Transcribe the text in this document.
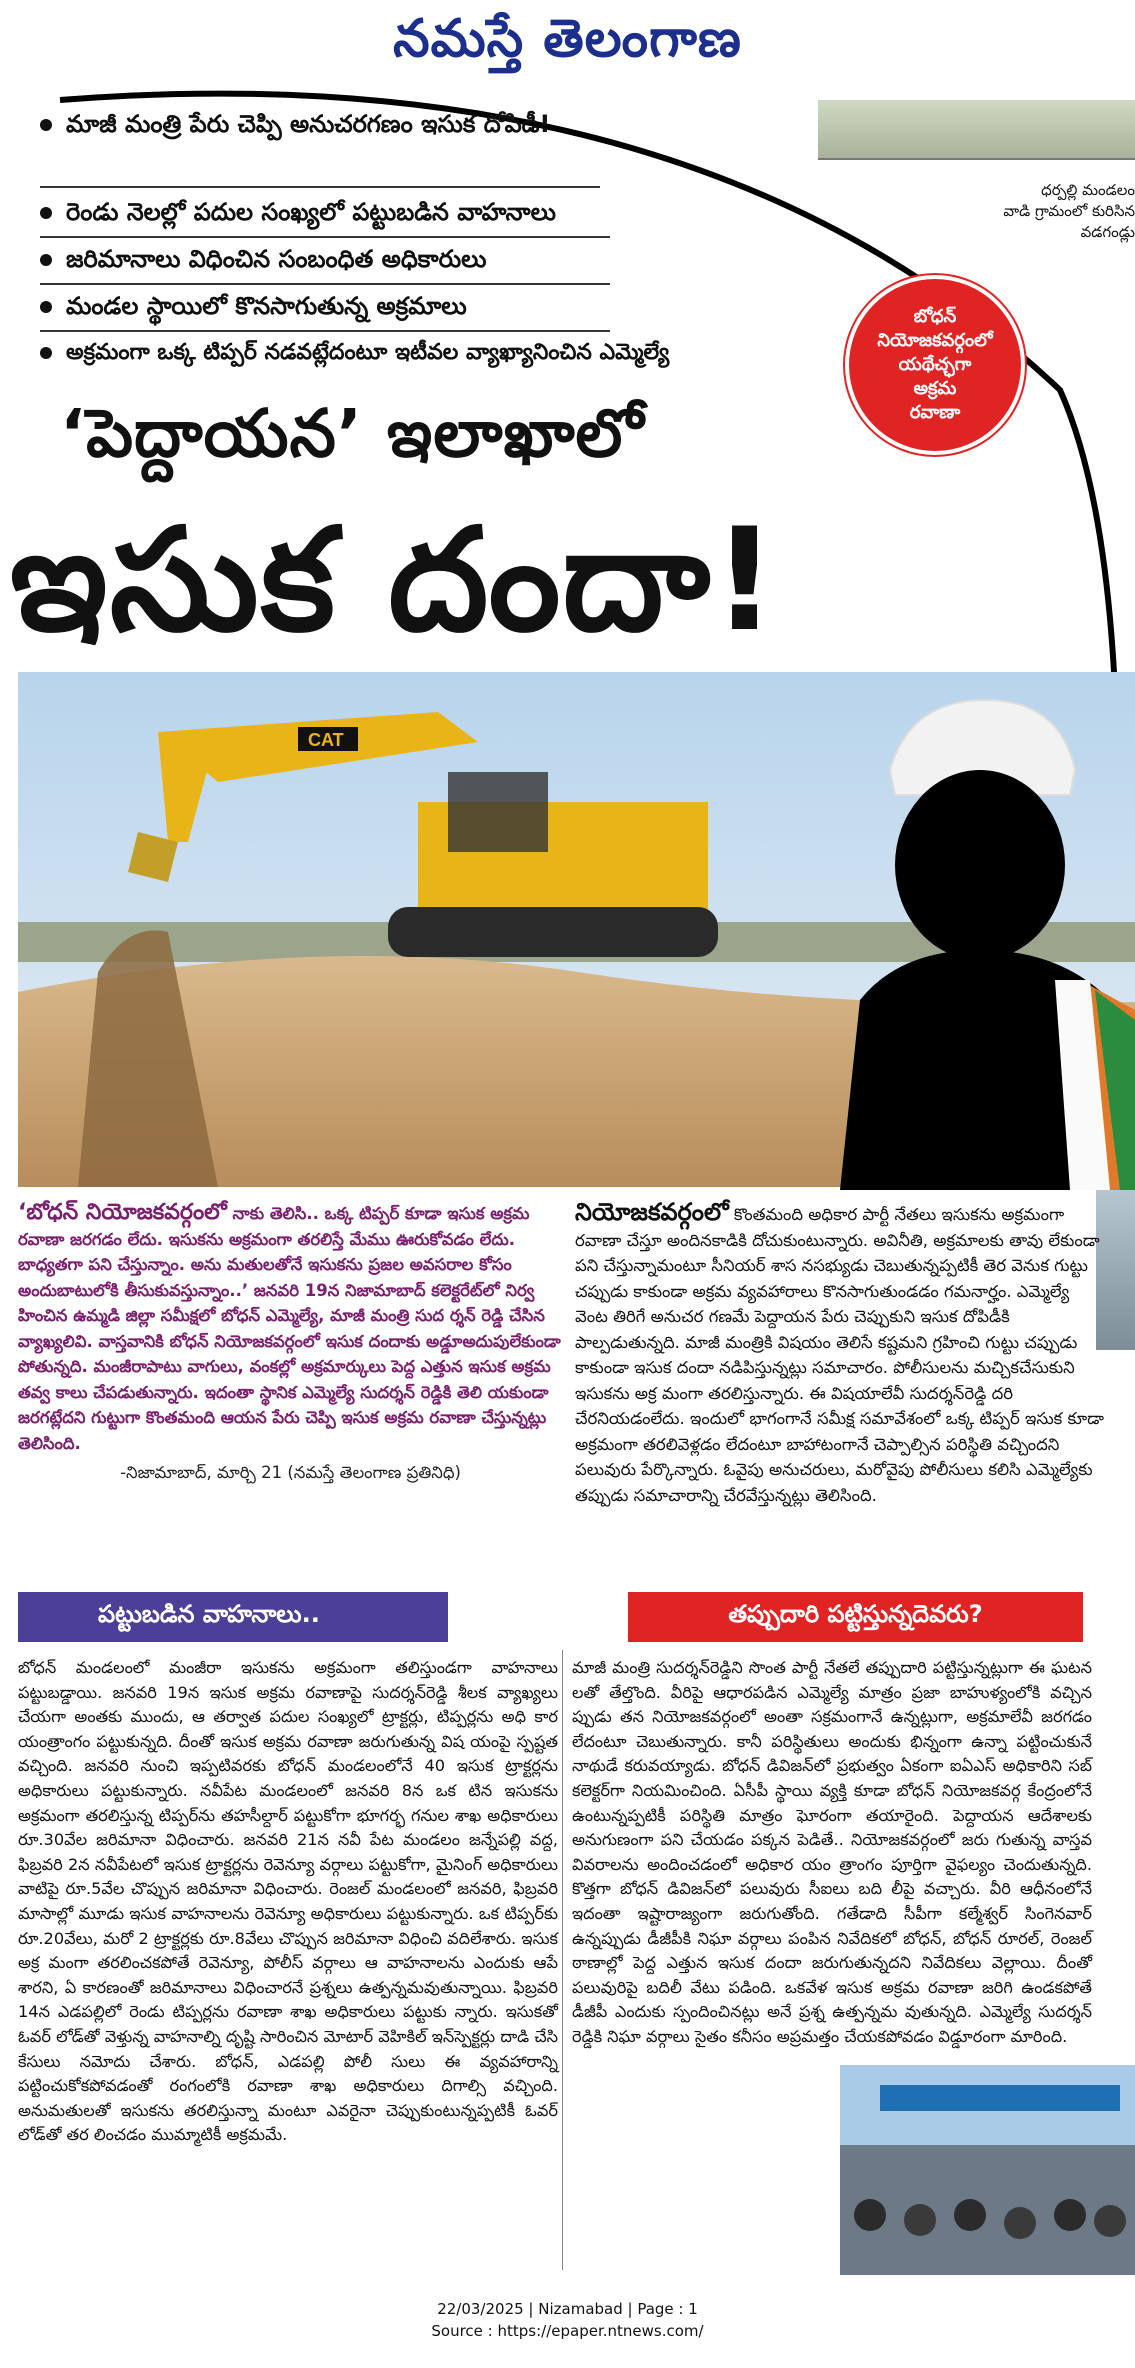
నమస్తే తెలంగాణ
మాజీ మంత్రి పేరు చెప్పి అనుచరగణం ఇసుక దోపిడీ!
రెండు నెలల్లో పదుల సంఖ్యలో పట్టుబడిన వాహనాలు
జరిమానాలు విధించిన సంబంధిత అధికారులు
మండల స్థాయిలో కొనసాగుతున్న అక్రమాలు
అక్రమంగా ఒక్క టిప్పర్ నడవట్లేదంటూ ఇటీవల వ్యాఖ్యానించిన ఎమ్మెల్యే
ధర్పల్లి మండలం
వాడి గ్రామంలో కురిసిన
వడగండ్లు
బోధన్
నియోజకవర్గంలో
యథేచ్ఛగా
అక్రమ
రవాణా
‘పెద్దాయన’ ఇలాఖాలో
ఇసుక దందా!
CAT
‘బోధన్ నియోజకవర్గంలో నాకు తెలిసి.. ఒక్క టిప్పర్ కూడా ఇసుక అక్రమ రవాణా జరగడం లేదు. ఇసుకను అక్రమంగా తరలిస్తే మేము ఊరుకోవడం లేదు. బాధ్యతగా పని చేస్తున్నాం. అను మతులతోనే ఇసుకను ప్రజల అవసరాల కోసం అందుబాటులోకి తీసుకువస్తున్నాం..’ జనవరి 19న నిజామాబాద్ కలెక్టరేట్‌లో నిర్వ హించిన ఉమ్మడి జిల్లా సమీక్షలో బోధన్ ఎమ్మెల్యే, మాజీ మంత్రి సుద ర్శన్ రెడ్డి చేసిన వ్యాఖ్యలివి. వాస్తవానికి బోధన్ నియోజకవర్గంలో ఇసుక దందాకు అడ్డూఅదుపులేకుండా పోతున్నది. మంజీరాపాటు వాగులు, వంకల్లో అక్రమార్కులు పెద్ద ఎత్తున ఇసుక అక్రమ తవ్వ కాలు చేపడుతున్నారు. ఇదంతా స్థానిక ఎమ్మెల్యే సుదర్శన్ రెడ్డికి తెలి యకుండా జరగట్లేదని గుట్టుగా కొంతమంది ఆయన పేరు చెప్పి ఇసుక అక్రమ రవాణా చేస్తున్నట్లు తెలిసింది.
-నిజామాబాద్, మార్చి 21 (నమస్తే తెలంగాణ ప్రతినిధి)
నియోజకవర్గంలో కొంతమంది అధికార పార్టీ నేతలు ఇసుకను అక్రమంగా రవాణా చేస్తూ అందినకాడికి దోచుకుంటున్నారు. అవినీతి, అక్రమాలకు తావు లేకుండా పని చేస్తున్నామంటూ సీనియర్ శాస నసభ్యుడు చెబుతున్నప్పటికీ తెర వెనుక గుట్టు చప్పుడు కాకుండా అక్రమ వ్యవహారాలు కొనసాగుతుండడం గమనార్హం. ఎమ్మెల్యే వెంట తిరిగే అనుచర గణమే పెద్దాయన పేరు చెప్పుకుని ఇసుక దోపిడీకి పాల్పడుతున్నది. మాజీ మంత్రికి విషయం తెలిసే కష్టమని గ్రహించి గుట్టు చప్పుడు కాకుండా ఇసుక దందా నడిపిస్తున్నట్లు సమాచారం. పోలీసులను మచ్చికచేసుకుని ఇసుకను అక్ర మంగా తరలిస్తున్నారు. ఈ విషయాలేవీ సుదర్శన్‌రెడ్డి దరి చేరనియడంలేదు. ఇందులో భాగంగానే సమీక్ష సమావేశంలో ఒక్క టిప్పర్ ఇసుక కూడా అక్రమంగా తరలివెళ్లడం లేదంటూ బాహాటంగానే చెప్పాల్సిన పరిస్థితి వచ్చిందని పలువురు పేర్కొన్నారు. ఓవైపు అనుచరులు, మరోవైపు పోలీసులు కలిసి ఎమ్మెల్యేకు తప్పుడు సమాచారాన్ని చేరవేస్తున్నట్లు తెలిసింది.
పట్టుబడిన వాహనాలు..	తప్పుదారి పట్టిస్తున్నదెవరు?
బోధన్ మండలంలో మంజీరా ఇసుకను అక్రమంగా తలిస్తుండగా వాహనాలు పట్టుబడ్డాయి. జనవరి 19న ఇసుక అక్రమ రవాణాపై సుదర్శన్‌రెడ్డి శీలక వ్యాఖ్యలు చేయగా అంతకు ముందు, ఆ తర్వాత పదుల సంఖ్యలో ట్రాక్టర్లు, టిప్పర్లను అధి కార యంత్రాంగం పట్టుకున్నది. దీంతో ఇసుక అక్రమ రవాణా జరుగుతున్న విష యంపై స్పష్టత వచ్చింది. జనవరి నుంచి ఇప్పటివరకు బోధన్ మండలంలోనే 40 ఇసుక ట్రాక్టర్లను అధికారులు పట్టుకున్నారు. నవీపేట మండలంలో జనవరి 8న ఒక టిన ఇసుకను అక్రమంగా తరలిస్తున్న టిప్పర్‌ను తహసీల్దార్ పట్టుకోగా భూగర్భ గనుల శాఖ అధికారులు రూ.30వేల జరిమానా విధించారు. జనవరి 21న నవీ పేట మండలం జన్నేపల్లి వద్ద, ఫిబ్రవరి 2న నవీపేటలో ఇసుక ట్రాక్టర్లను రెవెన్యూ వర్గాలు పట్టుకోగా, మైనింగ్ అధికారులు వాటిపై రూ.5వేల చొప్పున జరిమానా విధించారు. రెంజల్ మండలంలో జనవరి, ఫిబ్రవరి మాసాల్లో మూడు ఇసుక వాహనాలను రెవెన్యూ అధికారులు పట్టుకున్నారు. ఒక టిప్పర్‌కు రూ.20వేలు, మరో 2 ట్రాక్టర్లకు రూ.8వేలు చొప్పున జరిమానా విధించి వదిలేశారు. ఇసుక అక్ర మంగా తరలించకపోతే రెవెన్యూ, పోలీస్ వర్గాలు ఆ వాహనాలను ఎందుకు ఆపే శారని, ఏ కారణంతో జరిమానాలు విధించారనే ప్రశ్నలు ఉత్పన్నమవుతున్నాయి. ఫిబ్రవరి 14న ఎడపల్లిలో రెండు టిప్పర్లను రవాణా శాఖ అధికారులు పట్టుకు న్నారు. ఇసుకతో ఓవర్ లోడ్‌తో వెళ్తున్న వాహనాల్ని దృష్టి సారించిన మోటార్ వెహికిల్ ఇన్‌స్పెక్టర్లు దాడి చేసి కేసులు నమోదు చేశారు. బోధన్, ఎడపల్లి పోలీ సులు ఈ వ్యవహారాన్ని పట్టించుకోకపోవడంతో రంగంలోకి రవాణా శాఖ అధికారులు దిగాల్సి వచ్చింది. అనుమతులతో ఇసుకను తరలిస్తున్నా మంటూ ఎవరైనా చెప్పుకుంటున్నప్పటికీ ఓవర్ లోడ్‌తో తర లించడం ముమ్మాటికీ అక్రమమే.
మాజీ మంత్రి సుదర్శన్‌రెడ్డిని సొంత పార్టీ నేతలే తప్పుదారి పట్టిస్తున్నట్లుగా ఈ ఘటన లతో తేల్తొంది. వీరిపై ఆధారపడిన ఎమ్మెల్యే మాత్రం ప్రజా బాహుళ్యంలోకి వచ్చిన ప్పుడు తన నియోజకవర్గంలో అంతా సక్రమంగానే ఉన్నట్లుగా, అక్రమాలేవీ జరగడం లేదంటూ చెబుతున్నారు. కానీ పరిస్థితులు అందుకు భిన్నంగా ఉన్నా పట్టించుకునే నాథుడే కరువయ్యాడు. బోధన్ డివిజన్‌లో ప్రభుత్వం ఏకంగా ఐఏఎస్ అధికారిని సబ్ కలెక్టర్‌గా నియమించింది. ఏసీపీ స్థాయి వ్యక్తి కూడా బోధన్ నియోజకవర్గ కేంద్రంలోనే ఉంటున్నప్పటికీ పరిస్థితి మాత్రం ఘోరంగా తయారైంది. పెద్దాయన ఆదేశాలకు అనుగుణంగా పని చేయడం పక్కన పెడితే.. నియోజకవర్గంలో జరు గుతున్న వాస్తవ వివరాలను అందించడంలో అధికార యం త్రాంగం పూర్తిగా వైఫల్యం చెందుతున్నది. కొత్తగా బోధన్ డివిజన్‌లో పలువురు సీఐలు బది లీపై వచ్చారు. వీరి ఆధీనంలోనే ఇదంతా ఇష్టారాజ్యంగా జరుగుతోంది. గతేడాది సీపీగా కల్మేశ్వర్ సింగెనవార్ ఉన్నప్పుడు డీజీపీకి నిఘా వర్గాలు పంపిన నివేదికలో బోధన్, బోధన్ రూరల్, రెంజల్ ఠాణాల్లో పెద్ద ఎత్తున ఇసుక దందా జరుగుతున్నదని నివేదికలు వెల్లాయి. దీంతో పలువురిపై బదిలీ వేటు పడింది. ఒకవేళ ఇసుక అక్రమ రవాణా జరిగి ఉండకపోతే డీజీపీ ఎందుకు స్పందించినట్లు అనే ప్రశ్న ఉత్పన్నమ వుతున్నది. ఎమ్మెల్యే సుదర్శన్ రెడ్డికి నిఘా వర్గాలు సైతం కనీసం అప్రమత్తం చేయకపోవడం విడ్డూరంగా మారింది.
22/03/2025 | Nizamabad | Page : 1
Source : https://epaper.ntnews.com/
